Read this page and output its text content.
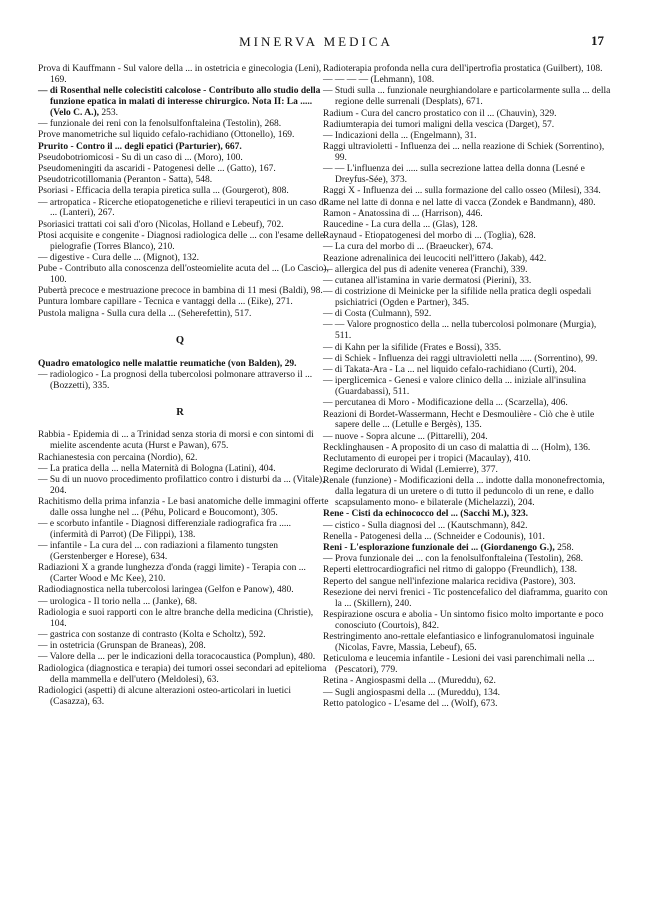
MINERVA MEDICA	17

Prova di Kauffmann - Sul valore della ... in ostetricia e ginecologia (Leni), 169.

— di Rosenthal nelle colecistiti calcolose - Contributo allo studio della funzione epatica in malati di interesse chirurgico. Nota II: La ..... (Velo C. A.), 253.

— funzionale dei reni con la fenolsulfonftaleina (Testolin), 268.

Prove manometriche sul liquido cefalo-rachidiano (Ottonello), 169.

Prurito - Contro il ... degli epatici (Parturier), 667.

Pseudobotriomicosi - Su di un caso di ... (Moro), 100.

Pseudomeningiti da ascaridi - Patogenesi delle ... (Gatto), 167.

Pseudotricotillomania (Peranton - Satta), 548.

Psoriasi - Efficacia della terapia piretica sulla ... (Gourgerot), 808.

— artropatica - Ricerche etiopatogenetiche e rilievi terapeutici in un caso di ... (Lanteri), 267.

Psoriasici trattati coi sali d'oro (Nicolas, Holland e Lebeuf), 702.

Ptosi acquisite e congenite - Diagnosi radiologica delle ... con l'esame delle pielografie (Torres Blanco), 210.

— digestive - Cura delle ... (Mignot), 132.

Pube - Contributo alla conoscenza dell'osteomielite acuta del ... (Lo Cascio), 100.

Pubertà precoce e mestruazione precoce in bambina di 11 mesi (Baldi), 98.

Puntura lombare capillare - Tecnica e vantaggi della ... (Eike), 271.

Pustola maligna - Sulla cura della ... (Seherefettin), 517.

Q

Quadro ematologico nelle malattie reumatiche (von Balden), 29.

— radiologico - La prognosi della tubercolosi polmonare attraverso il ... (Bozzetti), 335.

R

Rabbia - Epidemia di ... a Trinidad senza storia di morsi e con sintomi di mielite ascendente acuta (Hurst e Pawan), 675.

Rachianestesia con percaina (Nordio), 62.

— La pratica della ... nella Maternità di Bologna (Latini), 404.

— Su di un nuovo procedimento profilattico contro i disturbi da ... (Vitale), 204.

Rachitismo della prima infanzia - Le basi anatomiche delle immagini offerte dalle ossa lunghe nel ... (Péhu, Policard e Boucomont), 305.

— e scorbuto infantile - Diagnosi differenziale radiografica fra ..... (infermità di Parrot) (De Filippi), 138.

— infantile - La cura del ... con radiazioni a filamento tungsten (Gerstenberger e Horese), 634.

Radiazioni X a grande lunghezza d'onda (raggi limite) - Terapia con ... (Carter Wood e Mc Kee), 210.

Radiodiagnostica nella tubercolosi laringea (Gelfon e Panow), 480.

— urologica - Il torio nella ... (Janke), 68.

Radiologia e suoi rapporti con le altre branche della medicina (Christie), 104.

— gastrica con sostanze di contrasto (Kolta e Scholtz), 592.

— in ostetricia (Grunspan de Braneas), 208.

— Valore della ... per le indicazioni della toracocaustica (Pomplun), 480.

Radiologica (diagnostica e terapia) dei tumori ossei secondari ad epitelioma della mammella e dell'utero (Meldolesi), 63.

Radiologici (aspetti) di alcune alterazioni osteo-articolari in luetici (Casazza), 63.

Radioterapia profonda nella cura dell'ipertrofia prostatica (Guilbert), 108.

— — — — (Lehmann), 108.

— Studi sulla ... funzionale neurghiandolare e particolarmente sulla ... della regione delle surrenali (Desplats), 671.

Radium - Cura del cancro prostatico con il ... (Chauvin), 329.

Radiumterapia dei tumori maligni della vescica (Darget), 57.

— Indicazioni della ... (Engelmann), 31.

Raggi ultravioletti - Influenza dei ... nella reazione di Schiek (Sorrentino), 99.

— — L'influenza dei ..... sulla secrezione lattea della donna (Lesné e Dreyfus-Sée), 373.

Raggi X - Influenza dei ... sulla formazione del callo osseo (Milesi), 334.

Rame nel latte di donna e nel latte di vacca (Zondek e Bandmann), 480.

Ramon - Anatossina di ... (Harrison), 446.

Raucedine - La cura della ... (Glas), 128.

Raynaud - Etiopatogenesi del morbo di ... (Toglia), 628.

— La cura del morbo di ... (Braeucker), 674.

Reazione adrenalinica dei leucociti nell'ittero (Jakab), 442.

— allergica del pus di adenite venerea (Franchi), 339.

— cutanea all'istamina in varie dermatosi (Pierini), 33.

— di costrizione di Meinicke per la sifilide nella pratica degli ospedali psichiatrici (Ogden e Partner), 345.

— di Costa (Culmann), 592.

— — Valore prognostico della ... nella tubercolosi polmonare (Murgia), 511.

— di Kahn per la sifilide (Frates e Bossi), 335.

— di Schiek - Influenza dei raggi ultravioletti nella ..... (Sorrentino), 99.

— di Takata-Ara - La ... nel liquido cefalo-rachidiano (Curti), 204.

— iperglicemica - Genesi e valore clinico della ... iniziale all'insulina (Guardabassi), 511.

— percutanea di Moro - Modificazione della ... (Scarzella), 406.

Reazioni di Bordet-Wassermann, Hecht e Desmoulière - Ciò che è utile sapere delle ... (Letulle e Bergès), 135.

— nuove - Sopra alcune ... (Pittarelli), 204.

Recklinghausen - A proposito di un caso di malattia di ... (Holm), 136.

Reclutamento di europei per i tropici (Macaulay), 410.

Regime declorurato di Widal (Lemierre), 377.

Renale (funzione) - Modificazioni della ... indotte dalla mononefrectomia, dalla legatura di un uretere o di tutto il peduncolo di un rene, e dallo scapsulamento mono- e bilaterale (Michelazzi), 204.

Rene - Cisti da echinococco del ... (Sacchi M.), 323.

— cistico - Sulla diagnosi del ... (Kautschmann), 842.

Renella - Patogenesi della ... (Schneider e Codounis), 101.

Reni - L'esplorazione funzionale dei ... (Giordanengo G.), 258.

— Prova funzionale dei ... con la fenolsulfonftaleina (Testolin), 268.

Reperti elettrocardiografici nel ritmo di galoppo (Freundlich), 138.

Reperto del sangue nell'infezione malarica recidiva (Pastore), 303.

Resezione dei nervi frenici - Tic postencefalico del diaframma, guarito con la ... (Skillern), 240.

Respirazione oscura e abolia - Un sintomo fisico molto importante e poco conosciuto (Courtois), 842.

Restringimento ano-rettale elefantiasico e linfogranulomatosi inguinale (Nicolas, Favre, Massia, Lebeuf), 65.

Reticuloma e leucemia infantile - Lesioni dei vasi parenchimali nella ... (Pescatori), 779.

Retina - Angiospasmi della ... (Mureddu), 62.

— Sugli angiospasmi della ... (Mureddu), 134.

Retto patologico - L'esame del ... (Wolf), 673.
